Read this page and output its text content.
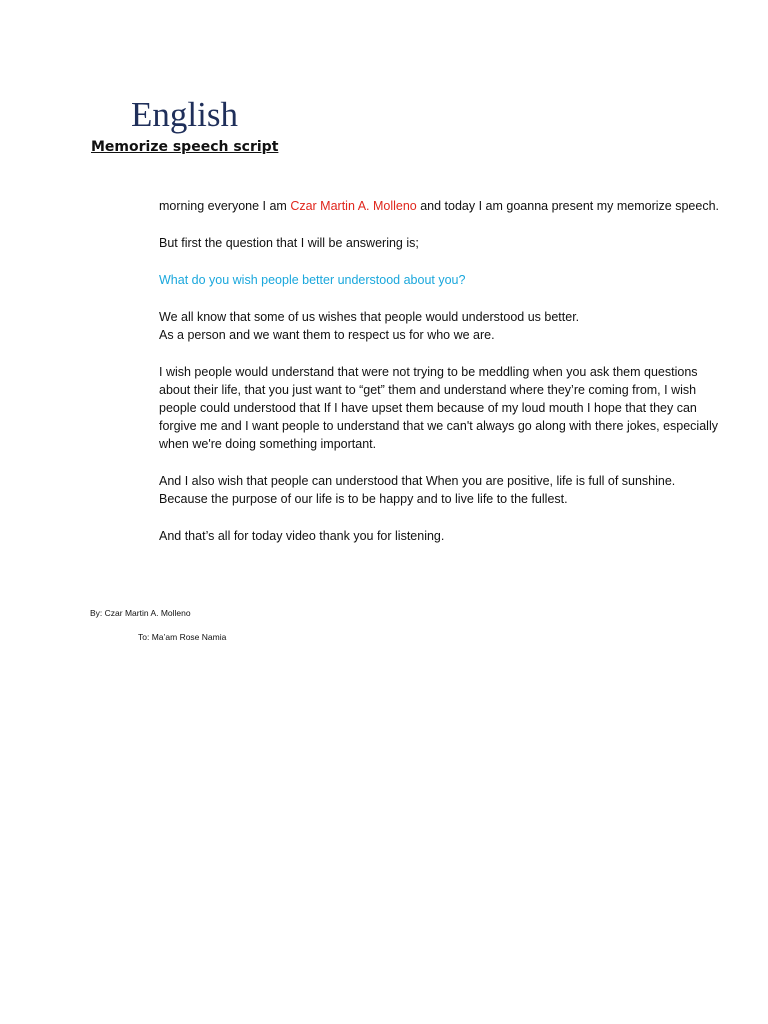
English
Memorize speech script

morning everyone I am Czar Martin A. Molleno and today I am goanna present my memorize speech.

But first the question that I will be answering is;

What do you wish people better understood about you?

We all know that some of us wishes that people would understood us better.
As a person and we want them to respect us for who we are.

I wish people would understand that were not trying to be meddling when you ask them questions about their life, that you just want to “get” them and understand where they’re coming from, I wish people could understood that If I have upset them because of my loud mouth I hope that they can forgive me and I want people to understand that we can't always go along with there jokes, especially when we're doing something important.

And I also wish that people can understood that When you are positive, life is full of sunshine. Because the purpose of our life is to be happy and to live life to the fullest.

And that’s all for today video thank you for listening.

By: Czar Martin A. Molleno

To: Ma’am Rose Namia
